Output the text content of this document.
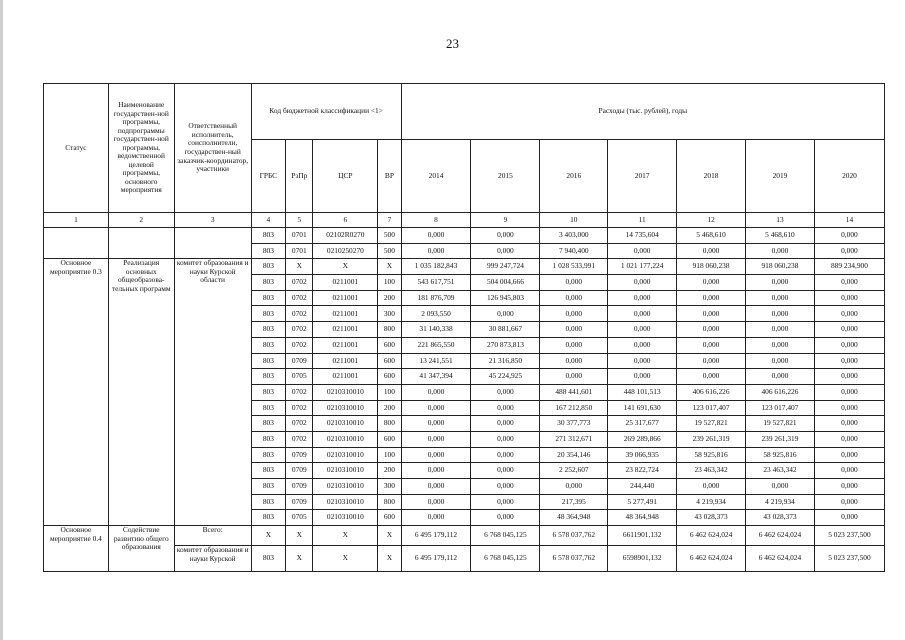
23
Статус	Наименование государствен-ной программы, подпрограммы государствен-ной программы, ведомственной целевой программы, основного мероприятия	Ответственный исполнитель, соисполнители, государствен-ный заказчик-координатор, участники	Код бюджетной классификации <1>				Расходы (тыс. рублей), годы						
			ГРБС	РзПр	ЦСР	ВР	2014	2015	2016	2017	2018	2019	2020
1	2	3	4	5	6	7	8	9	10	11	12	13	14
			803	0701	02102R0270	500	0,000	0,000	3 403,000	14 735,604	5 468,610	5 468,610	0,000
			803	0701	0210250270	500	0,000	0,000	7 940,400	0,000	0,000	0,000	0,000
Основное мероприятие 0.3	Реализация основных общеобразова-тельных программ	комитет образования и науки Курской области	803	X	X	X	1 035 182,843	999 247,724	1 028 533,991	1 021 177,224	918 060,238	918 060,238	889 234,900
			803	0702	0211001	100	543 617,751	504 004,666	0,000	0,000	0,000	0,000	0,000
			803	0702	0211001	200	181 876,709	126 945,803	0,000	0,000	0,000	0,000	0,000
			803	0702	0211001	300	2 093,550	0,000	0,000	0,000	0,000	0,000	0,000
			803	0702	0211001	800	31 140,338	30 881,667	0,000	0,000	0,000	0,000	0,000
			803	0702	0211001	600	221 865,550	270 873,813	0,000	0,000	0,000	0,000	0,000
			803	0709	0211001	600	13 241,551	21 316,850	0,000	0,000	0,000	0,000	0,000
			803	0705	0211001	600	41 347,394	45 224,925	0,000	0,000	0,000	0,000	0,000
			803	0702	0210310010	100	0,000	0,000	488 441,601	448 101,513	406 616,226	406 616,226	0,000
			803	0702	0210310010	200	0,000	0,000	167 212,850	141 691,630	123 017,407	123 017,407	0,000
			803	0702	0210310010	800	0,000	0,000	30 377,773	25 317,677	19 527,821	19 527,821	0,000
			803	0702	0210310010	600	0,000	0,000	271 312,671	269 289,866	239 261,319	239 261,319	0,000
			803	0709	0210310010	100	0,000	0,000	20 354,146	39 066,935	58 925,816	58 925,816	0,000
			803	0709	0210310010	200	0,000	0,000	2 252,607	23 822,724	23 463,342	23 463,342	0,000
			803	0709	0210310010	300	0,000	0,000	0,000	244,440	0,000	0,000	0,000
			803	0709	0210310010	800	0,000	0,000	217,395	5 277,491	4 219,934	4 219,934	0,000
			803	0705	0210310010	600	0,000	0,000	48 364,948	48 364,948	43 028,373	43 028,373	0,000
Основное мероприятие 0.4	Содействие развитию общего образования	Всего:	X	X	X	X	6 495 179,112	6 768 045,125	6 578 037,762	6611901,132	6 462 624,024	6 462 624,024	5 023 237,500
		комитет образования и науки Курской	803	X	X	X	6 495 179,112	6 768 045,125	6 578 037,762	6598901,132	6 462 624,024	6 462 624,024	5 023 237,500
